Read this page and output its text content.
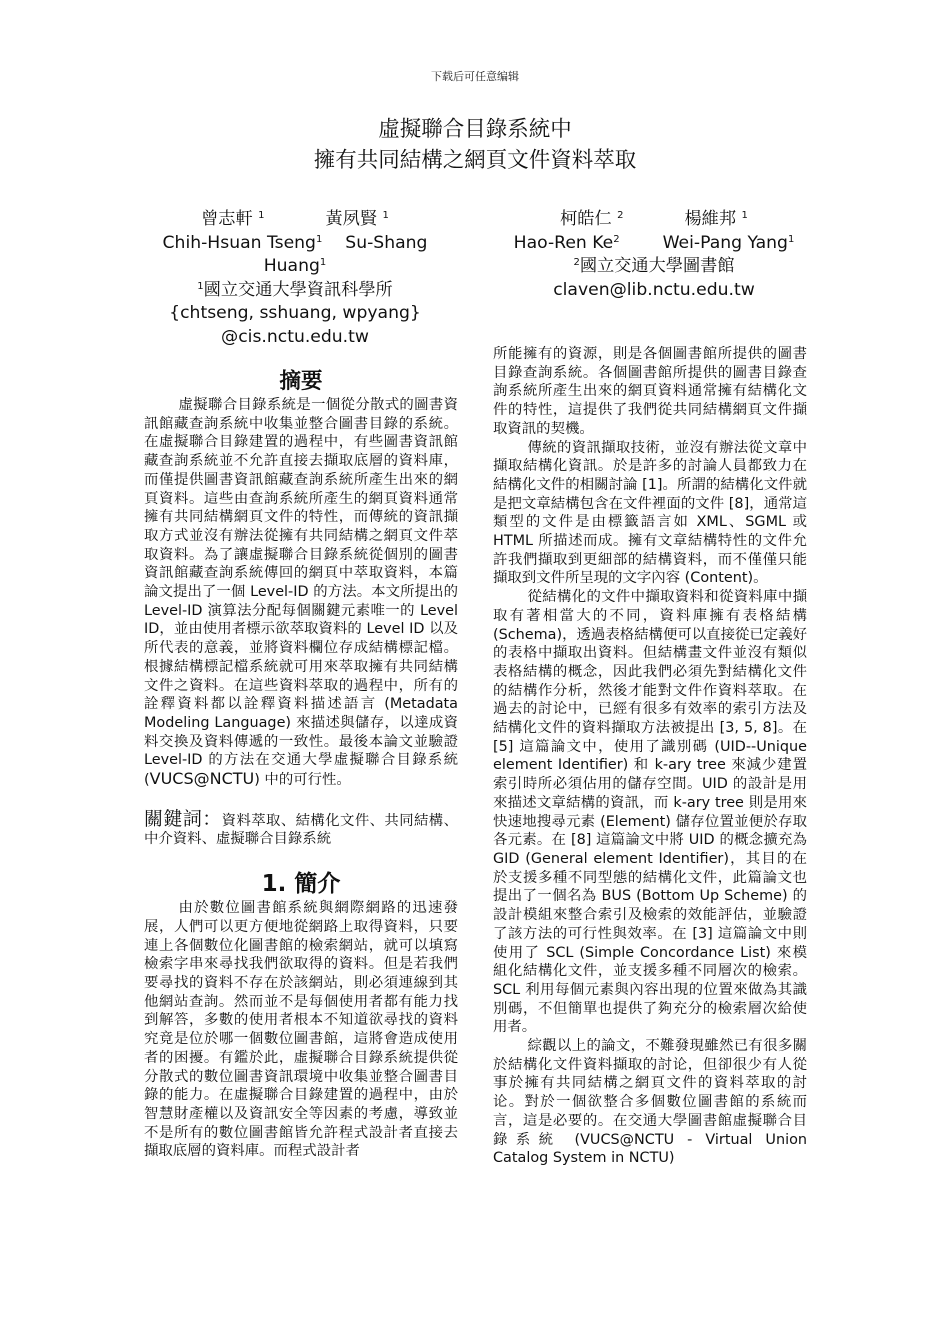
下载后可任意编辑
虛擬聯合目錄系統中
擁有共同結構之網頁文件資料萃取
曾志軒 $^1$	黃夙賢 $^1$
Chih-Hsuan Tseng$^1$ Su-Shang
Huang$^1$
$^1$國立交通大學資訊科學所
{chtseng, sshuang, wpyang}
@cis.nctu.edu.tw
柯皓仁 $^2$	楊維邦 $^1$
Hao-Ren Ke$^2$ Wei-Pang Yang$^1$
$^2$國立交通大學圖書館
claven@lib.nctu.edu.tw
摘要

虛擬聯合目錄系統是一個從分散式的圖書資訊館藏查詢系統中收集並整合圖書目錄的系統。在虛擬聯合目錄建置的過程中，有些圖書資訊館藏查詢系統並不允許直接去擷取底層的資料庫，而僅提供圖書資訊館藏查詢系統所產生出來的網頁資料。這些由查詢系統所產生的網頁資料通常擁有共同結構網頁文件的特性，而傳統的資訊擷取方式並沒有辦法從擁有共同結構之網頁文件萃取資料。為了讓虛擬聯合目錄系統從個別的圖書資訊館藏查詢系統傳回的網頁中萃取資料，本篇論文提出了一個 Level-ID 的方法。本文所提出的 Level-ID 演算法分配每個關鍵元素唯一的 Level ID，並由使用者標示欲萃取資料的 Level ID 以及所代表的意義，並將資料欄位存成結構標記檔。根據結構標記檔系統就可用來萃取擁有共同結構文件之資料。在這些資料萃取的過程中，所有的詮釋資料都以詮釋資料描述語言 (Metadata Modeling Language) 來描述與儲存，以達成資料交換及資料傳遞的一致性。最後本論文並驗證 Level-ID 的方法在交通大學虛擬聯合目錄系統 (VUCS@NCTU) 中的可行性。

關鍵詞：資料萃取、結構化文件、共同結構、中介資料、虛擬聯合目錄系統

1. 簡介

由於數位圖書館系統與網際網路的迅速發展，人們可以更方便地從網路上取得資料，只要連上各個數位化圖書館的檢索網站，就可以填寫檢索字串來尋找我們欲取得的資料。但是若我們要尋找的資料不存在於該網站，則必須連線到其他網站查詢。然而並不是每個使用者都有能力找到解答，多數的使用者根本不知道欲尋找的資料究竟是位於哪一個數位圖書館，這將會造成使用者的困擾。有鑑於此，虛擬聯合目錄系統提供從分散式的數位圖書資訊環境中收集並整合圖書目錄的能力。在虛擬聯合目錄建置的過程中，由於智慧財產權以及資訊安全等因素的考慮，導致並不是所有的數位圖書館皆允許程式設計者直接去擷取底層的資料庫。而程式設計者

所能擁有的資源，則是各個圖書館所提供的圖書目錄查詢系統。各個圖書館所提供的圖書目錄查詢系統所產生出來的網頁資料通常擁有結構化文件的特性，這提供了我們從共同結構網頁文件擷取資訊的契機。

傳統的資訊擷取技術，並沒有辦法從文章中擷取結構化資訊。於是許多的討論人員都致力在結構化文件的相關討論 [1]。所謂的結構化文件就是把文章結構包含在文件裡面的文件 [8]，通常這類型的文件是由標籤語言如 XML、SGML 或 HTML 所描述而成。擁有文章結構特性的文件允許我們擷取到更細部的結構資料，而不僅僅只能擷取到文件所呈現的文字內容 (Content)。

從結構化的文件中擷取資料和從資料庫中擷取有著相當大的不同，資料庫擁有表格結構 (Schema)，透過表格結構便可以直接從已定義好的表格中擷取出資料。但結構畫文件並沒有類似表格結構的概念，因此我們必須先對結構化文件的結構作分析，然後才能對文件作資料萃取。在過去的討论中，已經有很多有效率的索引方法及結構化文件的資料擷取方法被提出 [3, 5, 8]。在 [5] 這篇論文中，使用了識別碼 (UID--Unique element Identifier) 和 k-ary tree 來減少建置索引時所必須佔用的儲存空間。UID 的設計是用來描述文章結構的資訊，而 k-ary tree 則是用來快速地搜尋元素 (Element) 儲存位置並便於存取各元素。在 [8] 這篇論文中將 UID 的概念擴充為 GID (General element Identifier)，其目的在於支援多種不同型態的結構化文件，此篇論文也提出了一個名為 BUS (Bottom Up Scheme) 的設計模組來整合索引及檢索的效能評估，並驗證了該方法的可行性與效率。在 [3] 這篇論文中則使用了 SCL (Simple Concordance List) 來模組化結構化文件，並支援多種不同層次的檢索。SCL 利用每個元素與內容出現的位置來做為其識別碼，不但簡單也提供了夠充分的檢索層次給使用者。

綜觀以上的論文，不難發現雖然已有很多關於結構化文件資料擷取的討论，但卻很少有人從事於擁有共同結構之網頁文件的資料萃取的討论。對於一個欲整合多個數位圖書館的系統而言，這是必要的。在交通大學圖書館虛擬聯合目錄系統 (VUCS@NCTU - Virtual Union Catalog System in NCTU)
